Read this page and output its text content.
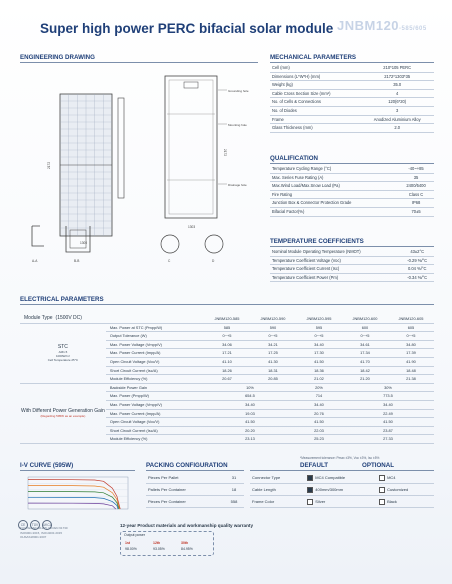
Super high power PERC bifacial solar module JNBM120-585/605
ENGINEERING DRAWING
Grounding hole
Mounting hole
Drainage hole
2172
1303
2172
1300
A-A	B-B	C	D
MECHANICAL PARAMETERS
Cell (mm)	210*105 PERC
Dimensions (L*W*H) (mm)	2172*1303*35
Weight (kg)	35.0
Cable Cross Section Size (mm²)	4
No. of Cells & Connections	120(6*20)
No. of Diodes	3
Frame	Anodized Aluminium Alloy
Glass Thickness (mm)	2.0
QUALIFICATION
Temperature Cycling Range (°C)	-40~+85
Max. Series Fuse Rating (A)	35
Max.Wind Load/Max.Snow Load (Pa)	2400/5400
Fire Rating	Class C
Junction Box & Connector Protection Grade	IP68
Bifacial Factor(%)	70±5
TEMPERATURE COEFFICIENTS
Nominal Module Operating Temperature (NMOT)	43±2°C
Temperature Coefficient Voltage (Voc)	-0.29 %/°C
Temperature Coefficient Current (Isc)	0.04 %/°C
Temperature Coefficient Power (Pm)	-0.34 %/°C
ELECTRICAL PARAMETERS
Module Type (1500V DC)		JNBM120-585	JNBM120-590	JNBM120-595	JNBM120-600	JNBM120-605

STC
AM1.5
1000W/m²
Cell Temperature 25°C	Max. Power at STC (Pmpp/W)	585	590	595	600	605
	Output Tolerance (W)	0~+5	0~+5	0~+5	0~+5	0~+5
	Max. Power Voltage (Vmpp/V)	34.06	34.21	34.40	34.61	34.80
	Max. Power Current (Impp/A)	17.21	17.25	17.30	17.34	17.39
	Open Circuit Voltage (Voc/V)	41.10	41.30	41.50	41.70	41.90
	Short Circuit Current (Isc/A)	18.26	18.31	18.36	18.42	18.48
	Module Efficiency (%)	20.67	20.85	21.02	21.20	21.38

With Different Power Generation Gain
(Regarding 595W as an example)	Backside Power Gain	10%		20%	30%	
	Max. Power (Pmpp/W)	654.5		714	773.5	
	Max. Power Voltage (Vmpp/V)	34.40		34.40	34.40	
	Max. Power Current (Impp/A)	19.03		20.76	22.49	
	Open Circuit Voltage (Voc/V)	41.50		41.50	41.50	
	Short Circuit Current (Isc/A)	20.20		22.03	23.87	
	Module Efficiency (%)	23.13		25.23	27.33	
I-V CURVE (595W)	PACKING CONFIGURATION
Pieces Per Pallet	31
Pallets Per Container	18
Pieces Per Container	558
DEFAULT	OPTIONAL
Connector Type	MC4 Compatible	MC4
Cable Length	400mm/300mm	Customized
Frame Color	Silver	Black
CE TÜV UKCA
TUV: IEC/EN 61215, IEC/EN 61730
ISO9001:2015, ISO14001:2015
OHSAS18001:2007
12-year Product materials and workmanship quality warranty
Output power
1st	12th	30th
98.00%	93.05%	84.95%
*Measurement tolerance: Pmax ±3%, Voc ±3%, Isc ±5%
